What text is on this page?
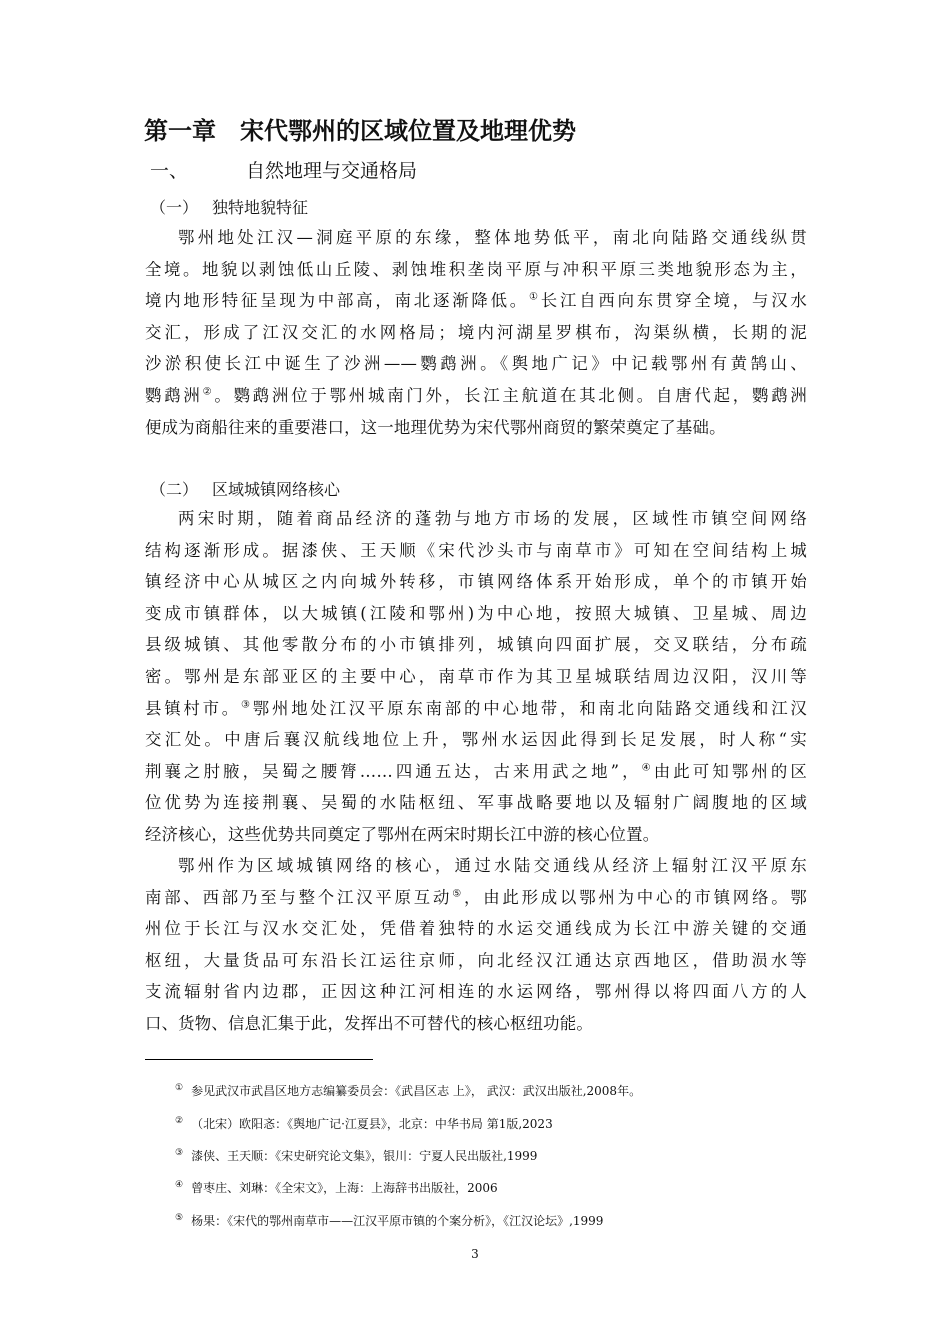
第一章　宋代鄂州的区域位置及地理优势
一、	自然地理与交通格局
（一） 独特地貌特征
鄂州地处江汉—洞庭平原的东缘，整体地势低平，南北向陆路交通线纵贯
全境。地貌以剥蚀低山丘陵、剥蚀堆积垄岗平原与冲积平原三类地貌形态为主，
境内地形特征呈现为中部高，南北逐渐降低。①长江自西向东贯穿全境，与汉水
交汇，形成了江汉交汇的水网格局；境内河湖星罗棋布，沟渠纵横，长期的泥
沙淤积使长江中诞生了沙洲——鹦鹉洲。《舆地广记》中记载鄂州有黄鹄山、
鹦鹉洲②。鹦鹉洲位于鄂州城南门外，长江主航道在其北侧。自唐代起，鹦鹉洲
便成为商船往来的重要港口，这一地理优势为宋代鄂州商贸的繁荣奠定了基础。
（二） 区域城镇网络核心
两宋时期，随着商品经济的蓬勃与地方市场的发展，区域性市镇空间网络
结构逐渐形成。据漆侠、王天顺《宋代沙头市与南草市》可知在空间结构上城
镇经济中心从城区之内向城外转移，市镇网络体系开始形成，单个的市镇开始
变成市镇群体，以大城镇(江陵和鄂州)为中心地，按照大城镇、卫星城、周边
县级城镇、其他零散分布的小市镇排列，城镇向四面扩展，交叉联结，分布疏
密。鄂州是东部亚区的主要中心，南草市作为其卫星城联结周边汉阳，汉川等
县镇村市。③鄂州地处江汉平原东南部的中心地带，和南北向陆路交通线和江汉
交汇处。中唐后襄汉航线地位上升，鄂州水运因此得到长足发展，时人称“实
荆襄之肘腋，吴蜀之腰膂……四通五达，古来用武之地”，④由此可知鄂州的区
位优势为连接荆襄、吴蜀的水陆枢纽、军事战略要地以及辐射广阔腹地的区域
经济核心，这些优势共同奠定了鄂州在两宋时期长江中游的核心位置。
鄂州作为区域城镇网络的核心，通过水陆交通线从经济上辐射江汉平原东
南部、西部乃至与整个江汉平原互动⑤，由此形成以鄂州为中心的市镇网络。鄂
州位于长江与汉水交汇处，凭借着独特的水运交通线成为长江中游关键的交通
枢纽，大量货品可东沿长江运往京师，向北经汉江通达京西地区，借助涢水等
支流辐射省内边郡，正因这种江河相连的水运网络，鄂州得以将四面八方的人
口、货物、信息汇集于此，发挥出不可替代的核心枢纽功能。
① 参见武汉市武昌区地方志编纂委员会：《武昌区志 上》， 武汉：武汉出版社,2008年。
② （北宋）欧阳忞：《舆地广记·江夏县》，北京：中华书局 第1版,2023
③ 漆侠、王天顺：《宋史研究论文集》，银川：宁夏人民出版社,1999
④ 曾枣庄、刘琳：《全宋文》，上海：上海辞书出版社，2006
⑤ 杨果：《宋代的鄂州南草市——江汉平原市镇的个案分析》，《江汉论坛》,1999
3
